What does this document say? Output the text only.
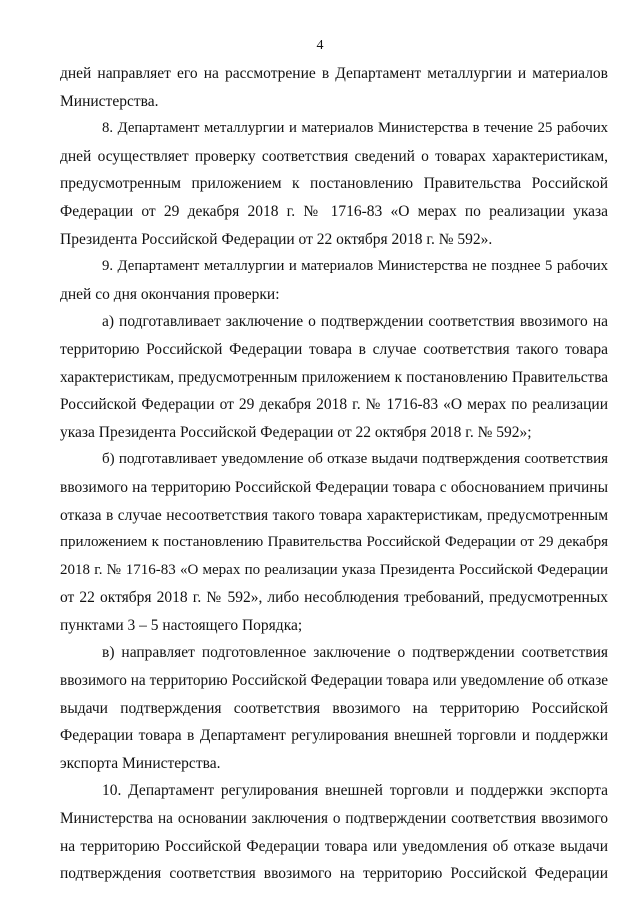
4
дней направляет его на рассмотрение в Департамент металлургии и материалов
Министерства.
8. Департамент металлургии и материалов Министерства в течение 25 рабочих
дней осуществляет проверку соответствия сведений о товарах характеристикам,
предусмотренным приложением к постановлению Правительства Российской
Федерации от 29 декабря 2018 г. № 1716-83 «О мерах по реализации указа
Президента Российской Федерации от 22 октября 2018 г. № 592».
9. Департамент металлургии и материалов Министерства не позднее 5 рабочих
дней со дня окончания проверки:
а) подготавливает заключение о подтверждении соответствия ввозимого на
территорию Российской Федерации товара в случае соответствия такого товара
характеристикам, предусмотренным приложением к постановлению Правительства
Российской Федерации от 29 декабря 2018 г. № 1716-83 «О мерах по реализации
указа Президента Российской Федерации от 22 октября 2018 г. № 592»;
б) подготавливает уведомление об отказе выдачи подтверждения соответствия
ввозимого на территорию Российской Федерации товара с обоснованием причины
отказа в случае несоответствия такого товара характеристикам, предусмотренным
приложением к постановлению Правительства Российской Федерации от 29 декабря
2018 г. № 1716-83 «О мерах по реализации указа Президента Российской Федерации
от 22 октября 2018 г. № 592», либо несоблюдения требований, предусмотренных
пунктами 3 – 5 настоящего Порядка;
в) направляет подготовленное заключение о подтверждении соответствия
ввозимого на территорию Российской Федерации товара или уведомление об отказе
выдачи подтверждения соответствия ввозимого на территорию Российской
Федерации товара в Департамент регулирования внешней торговли и поддержки
экспорта Министерства.
10. Департамент регулирования внешней торговли и поддержки экспорта
Министерства на основании заключения о подтверждении соответствия ввозимого
на территорию Российской Федерации товара или уведомления об отказе выдачи
подтверждения соответствия ввозимого на территорию Российской Федерации
